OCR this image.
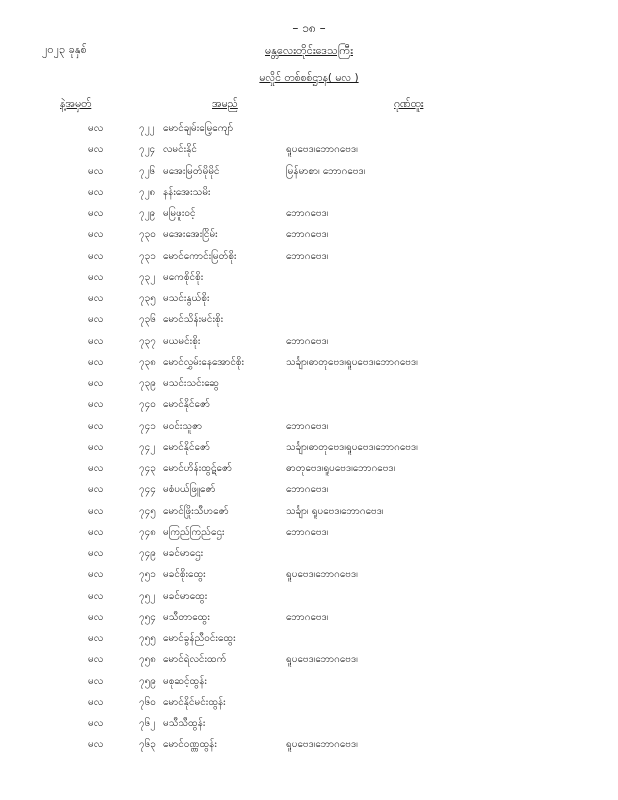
– ၁၈ –
၂၀၂၃ ခုနှစ်	မန္တလေးတိုင်းဒေသကြီး
မလှိုင် တစ်စစ်ဌာန( မလ )
နဲ့အမှတ်	အမည်	ဂုဏ်ထူး
မလ	၇၂၂ မောင်ချမ်းမြေ့ကျော်
မလ	၇၂၄ လမင်းနိုင်	ရူပဗေဒ၊ဘောဂဗေဒ၊
မလ	၇၂၆ မအေးမြတ်မိုမိုင်	မြန်မာစာ၊ ဘောဂဗေဒ၊
မလ	၇၂၈ နန်းအေးသမိး
မလ	၇၂၉ မမြဖူးဝင့်	ဘောဂဗေဒ၊
မလ	၇၃၀ မအေးအေးငြိမ်း	ဘောဂဗေဒ၊
မလ	၇၃၁ မောင်ကောင်းမြတ်စိုး	ဘောဂဗေဒ၊
မလ	၇၃၂ မကေစိုင်စိုး
မလ	၇၃၅ မသင်းနွယ်စိုး
မလ	၇၃၆ မောင်သိန်းမင်းစိုး
မလ	၇၃၇ မယမင်းစိုး	ဘောဂဗေဒ၊
မလ	၇၃၈ မောင်လွှမ်းနေအောင်စိုး	သင်္ချာ၊ဓာတုဗေဒ၊ရူပဗေဒ၊ဘောဂဗေဒ၊
မလ	၇၃၉ မသင်းသင်းဆွေ
မလ	၇၄၀ မောင်နိုင်ဇော်
မလ	၇၄၁ မဝင်းသူဇာ	ဘောဂဗေဒ၊
မလ	၇၄၂ မောင်နိုင်ဇော်	သင်္ချာ၊ဓာတုဗေဒ၊ရူပဗေဒ၊ဘောဂဗေဒ၊
မလ	၇၄၃ မောင်ဟိန်းထွဋ်ဇော်	ဓာတုဗေဒ၊ရူပဗေဒ၊ဘောဂဗေဒ၊
မလ	၇၄၄ မစံပယ်ဖြူဇော်	ဘောဂဗေဒ၊
မလ	၇၄၅ မောင်ဖြိုးသီဟဇော်	သင်္ချာ၊ ရူပဗေဒ၊ဘောဂဗေဒ၊
မလ	၇၄၈ မကြည်ကြည်ဌေး	ဘောဂဗေဒ၊
မလ	၇၄၉ မခင်မာဌေး
မလ	၇၅၁ မခင်စိုးထွေး	ရူပဗေဒ၊ဘောဂဗေဒ၊
မလ	၇၅၂ မခင်မာထွေး
မလ	၇၅၄ မသီတာထွေး	ဘောဂဗေဒ၊
မလ	၇၅၅ မောင်ခွန်ညီဝင်းထွေး
မလ	၇၅၈ မောင်ရဲလင်းထက်	ရူပဗေဒ၊ဘောဂဗေဒ၊
မလ	၇၅၉ မစုဆင့်ထွန်း
မလ	၇၆၀ မောင်နိုင်မင်းထွန်း
မလ	၇၆၂ မသီသီထွန်း
မလ	၇၆၃ မောင်ဝဏ္ဏထွန်း	ရူပဗေဒ၊ဘောဂဗေဒ၊
